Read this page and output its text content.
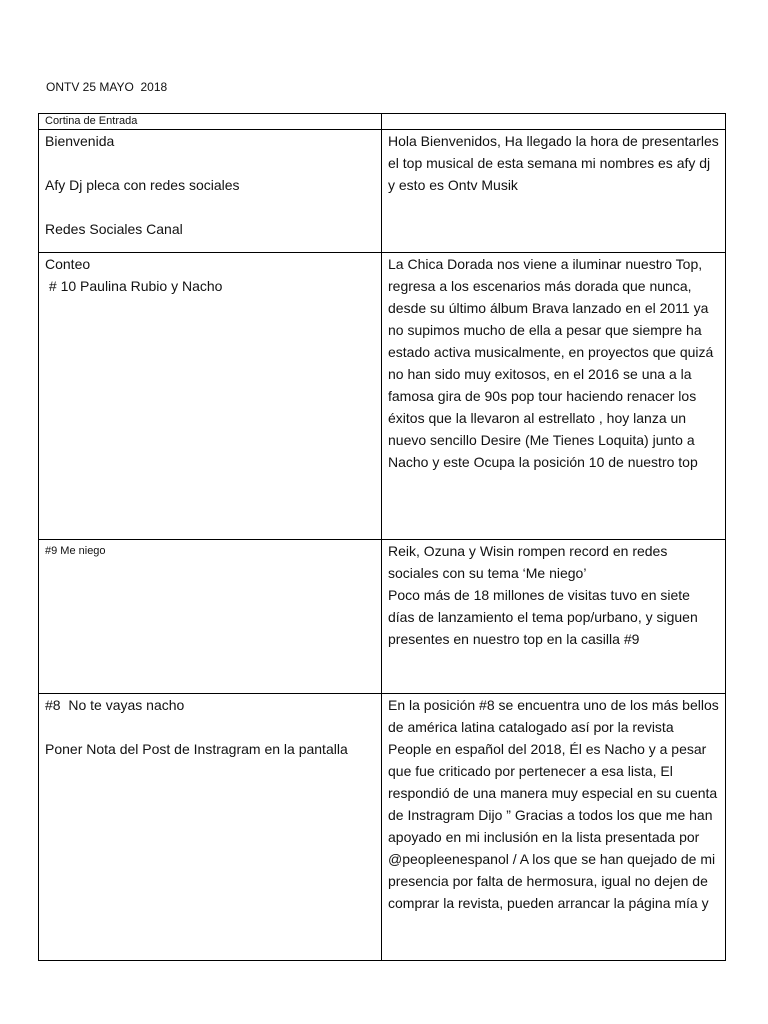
ONTV 25 MAYO  2018
Cortina de Entrada	

Bienvenida
Afy Dj pleca con redes sociales
Redes Sociales Canal	Hola Bienvenidos, Ha llegado la hora de presentarles el top musical de esta semana mi nombres es afy dj y esto es Ontv Musik

Conteo
# 10 Paulina Rubio y Nacho	La Chica Dorada nos viene a iluminar nuestro Top, regresa a los escenarios más dorada que nunca, desde su último álbum Brava lanzado en el 2011 ya no supimos mucho de ella a pesar que siempre ha estado activa musicalmente, en proyectos que quizá no han sido muy exitosos, en el 2016 se una a la famosa gira de 90s pop tour haciendo renacer los éxitos que la llevaron al estrellato , hoy lanza un nuevo sencillo Desire (Me Tienes Loquita) junto a Nacho y este Ocupa la posición 10 de nuestro top

#9 Me niego	Reik, Ozuna y Wisin rompen record en redes sociales con su tema ‘Me niego’

Poco más de 18 millones de visitas tuvo en siete días de lanzamiento el tema pop/urbano, y siguen presentes en nuestro top en la casilla #9

#8  No te vayas nacho
Poner Nota del Post de Instragram en la pantalla	En la posición #8 se encuentra uno de los más bellos de américa latina catalogado así por la revista People en español del 2018, Él es Nacho y a pesar que fue criticado por pertenecer a esa lista, El respondió de una manera muy especial en su cuenta de Instragram Dijo ” Gracias a todos los que me han apoyado en mi inclusión en la lista presentada por @peopleenespanol / A los que se han quejado de mi presencia por falta de hermosura, igual no dejen de comprar la revista, pueden arrancar la página mía y
